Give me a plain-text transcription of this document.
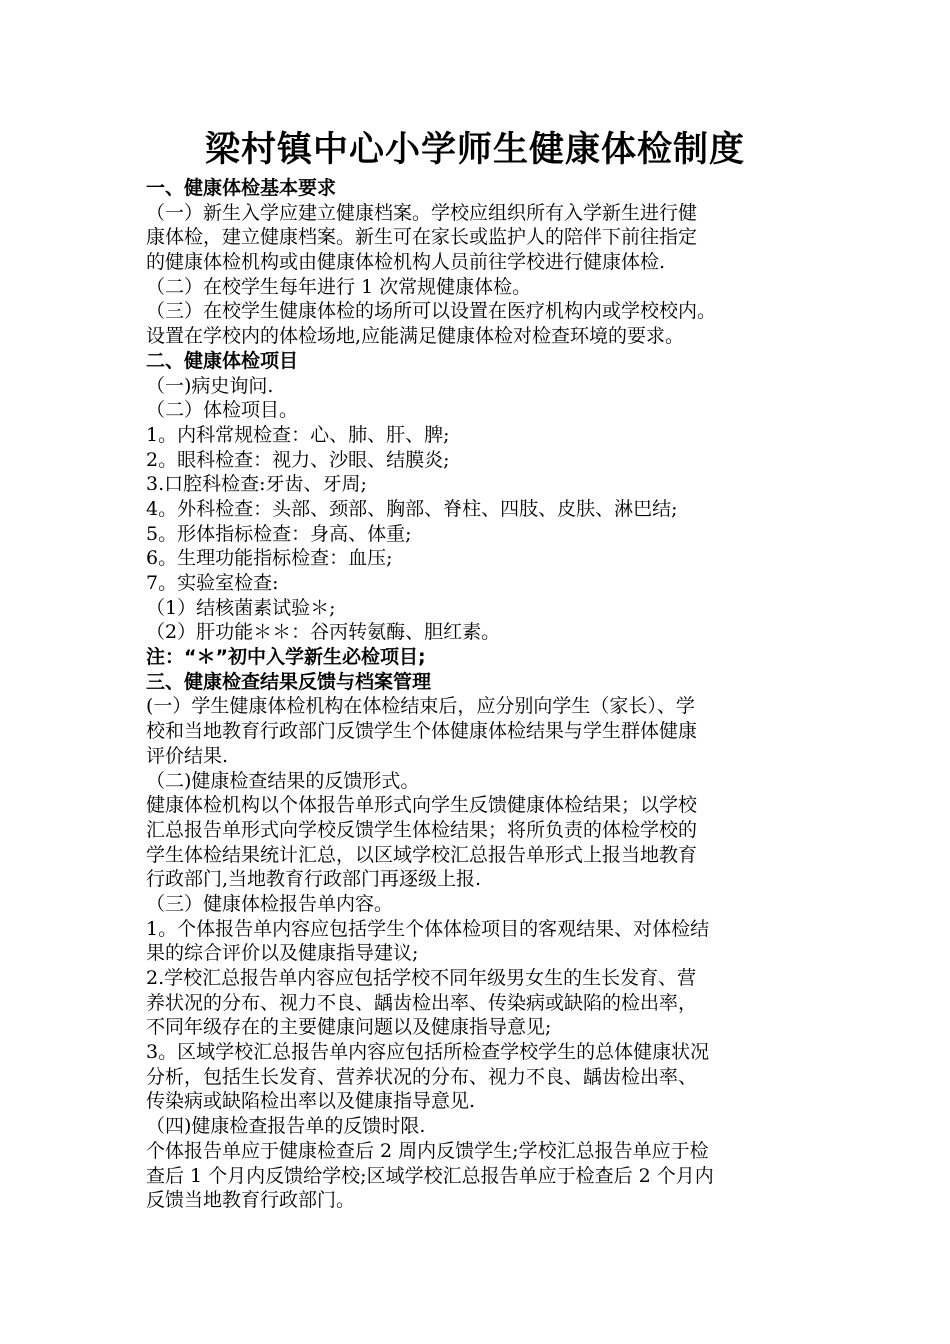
梁村镇中心小学师生健康体检制度
一、健康体检基本要求
（一）新生入学应建立健康档案。学校应组织所有入学新生进行健
康体检，建立健康档案。新生可在家长或监护人的陪伴下前往指定
的健康体检机构或由健康体检机构人员前往学校进行健康体检.
（二）在校学生每年进行 1 次常规健康体检。
（三）在校学生健康体检的场所可以设置在医疗机构内或学校校内。
设置在学校内的体检场地,应能满足健康体检对检查环境的要求。
二、健康体检项目
（一)病史询问.
（二）体检项目。
1。内科常规检查：心、肺、肝、脾;
2。眼科检查：视力、沙眼、结膜炎;
3.口腔科检查:牙齿、牙周;
4。外科检查：头部、颈部、胸部、脊柱、四肢、皮肤、淋巴结;
5。形体指标检查：身高、体重;
6。生理功能指标检查：血压;
7。实验室检查:
（1）结核菌素试验＊;
（2）肝功能＊＊：谷丙转氨酶、胆红素。
注：“＊”初中入学新生必检项目;
三、健康检查结果反馈与档案管理
(一）学生健康体检机构在体检结束后，应分别向学生（家长）、学
校和当地教育行政部门反馈学生个体健康体检结果与学生群体健康
评价结果.
（二)健康检查结果的反馈形式。
健康体检机构以个体报告单形式向学生反馈健康体检结果；以学校
汇总报告单形式向学校反馈学生体检结果；将所负责的体检学校的
学生体检结果统计汇总，以区域学校汇总报告单形式上报当地教育
行政部门,当地教育行政部门再逐级上报.
（三）健康体检报告单内容。
1。个体报告单内容应包括学生个体体检项目的客观结果、对体检结
果的综合评价以及健康指导建议;
2.学校汇总报告单内容应包括学校不同年级男女生的生长发育、营
养状况的分布、视力不良、龋齿检出率、传染病或缺陷的检出率，
不同年级存在的主要健康问题以及健康指导意见;
3。区域学校汇总报告单内容应包括所检查学校学生的总体健康状况
分析，包括生长发育、营养状况的分布、视力不良、龋齿检出率、
传染病或缺陷检出率以及健康指导意见.
（四)健康检查报告单的反馈时限.
个体报告单应于健康检查后 2 周内反馈学生;学校汇总报告单应于检
查后 1 个月内反馈给学校;区域学校汇总报告单应于检查后 2 个月内
反馈当地教育行政部门。
